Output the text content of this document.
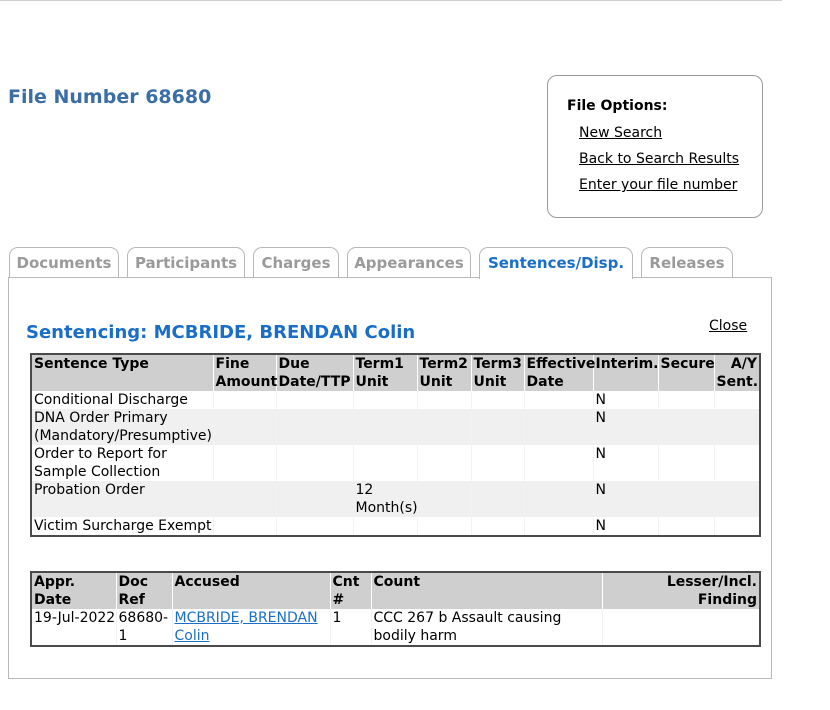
File Number 68680	File Options:
New Search
Back to Search Results
Enter your file number
Documents	Participants	Charges	Appearances	Sentences/Disp.	Releases
Sentencing: MCBRIDE, BRENDAN Colin	Close
Sentence Type	Fine Amount	Due Date/TTP	Term1 Unit	Term2 Unit	Term3 Unit	Effective Date	Interim.	Secure	A/Y Sent.
Conditional Discharge							N		
DNA Order Primary (Mandatory/Presumptive)							N		
Order to Report for Sample Collection							N		
Probation Order			12 Month(s)				N		
Victim Surcharge Exempt							N		
Appr. Date	Doc Ref	Accused	Cnt #	Count	Lesser/Incl. Finding
19-Jul-2022	68680-1	MCBRIDE, BRENDAN Colin	1	CCC 267 b Assault causing bodily harm	
